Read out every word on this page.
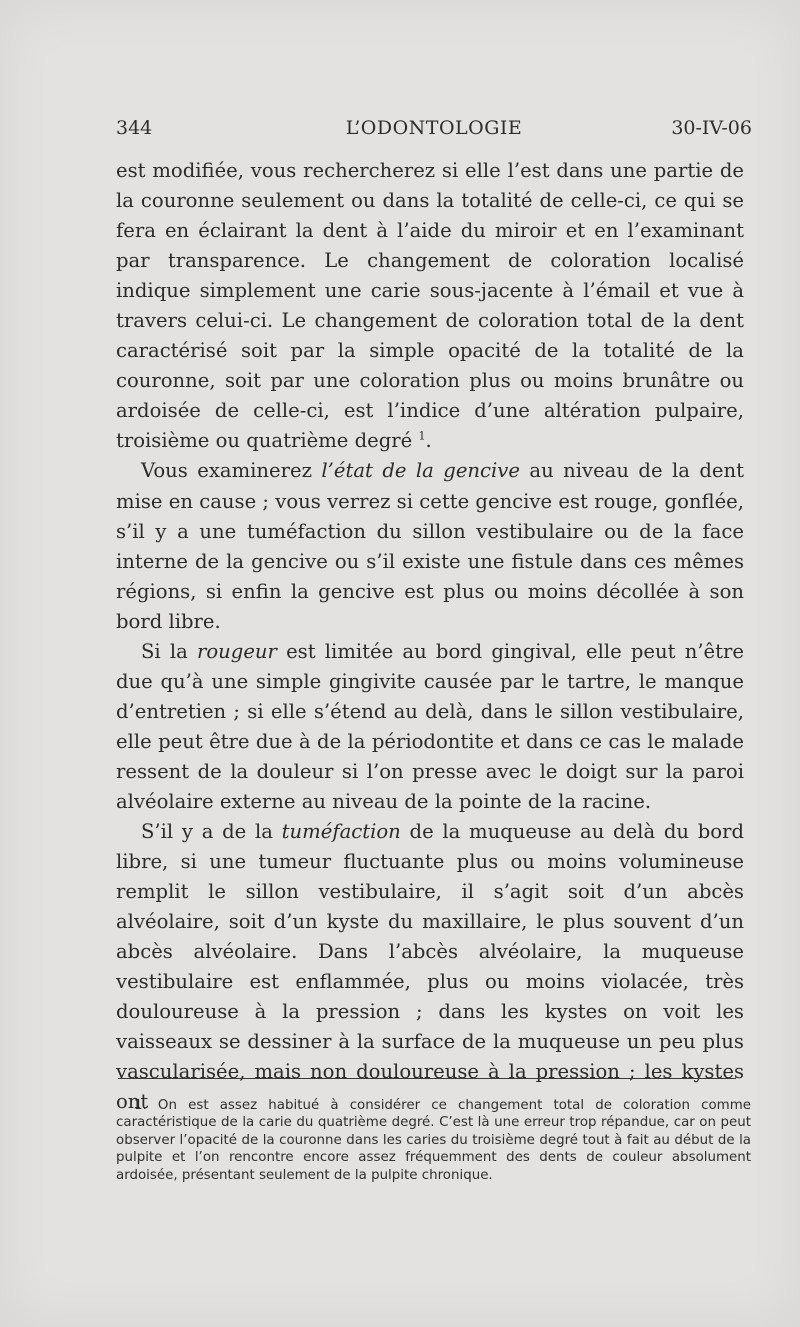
344	L’ODONTOLOGIE	30-IV-06

est modifiée, vous rechercherez si elle l’est dans une partie de la couronne seulement ou dans la totalité de celle-ci, ce qui se fera en éclairant la dent à l’aide du miroir et en l’examinant par transparence. Le changement de coloration localisé indique simplement une carie sous-jacente à l’émail et vue à travers celui-ci. Le changement de coloration total de la dent caractérisé soit par la simple opacité de la totalité de la couronne, soit par une coloration plus ou moins brunâtre ou ardoisée de celle-ci, est l’indice d’une altération pulpaire, troisième ou quatrième degré $^1$.

Vous examinerez l’état de la gencive au niveau de la dent mise en cause ; vous verrez si cette gencive est rouge, gonflée, s’il y a une tuméfaction du sillon vestibulaire ou de la face interne de la gencive ou s’il existe une fistule dans ces mêmes régions, si enfin la gencive est plus ou moins décollée à son bord libre.

Si la rougeur est limitée au bord gingival, elle peut n’être due qu’à une simple gingivite causée par le tartre, le manque d’entretien ; si elle s’étend au delà, dans le sillon vestibulaire, elle peut être due à de la périodontite et dans ce cas le malade ressent de la douleur si l’on presse avec le doigt sur la paroi alvéolaire externe au niveau de la pointe de la racine.

S’il y a de la tuméfaction de la muqueuse au delà du bord libre, si une tumeur fluctuante plus ou moins volumineuse remplit le sillon vestibulaire, il s’agit soit d’un abcès alvéolaire, soit d’un kyste du maxillaire, le plus souvent d’un abcès alvéolaire. Dans l’abcès alvéolaire, la muqueuse vestibulaire est enflammée, plus ou moins violacée, très douloureuse à la pression ; dans les kystes on voit les vaisseaux se dessiner à la surface de la muqueuse un peu plus vascularisée, mais non douloureuse à la pression ; les kystes ont

1. On est assez habitué à considérer ce changement total de coloration comme caractéristique de la carie du quatrième degré. C’est là une erreur trop répandue, car on peut observer l’opacité de la couronne dans les caries du troisième degré tout à fait au début de la pulpite et l’on rencontre encore assez fréquemment des dents de couleur absolument ardoisée, présentant seulement de la pulpite chronique.
